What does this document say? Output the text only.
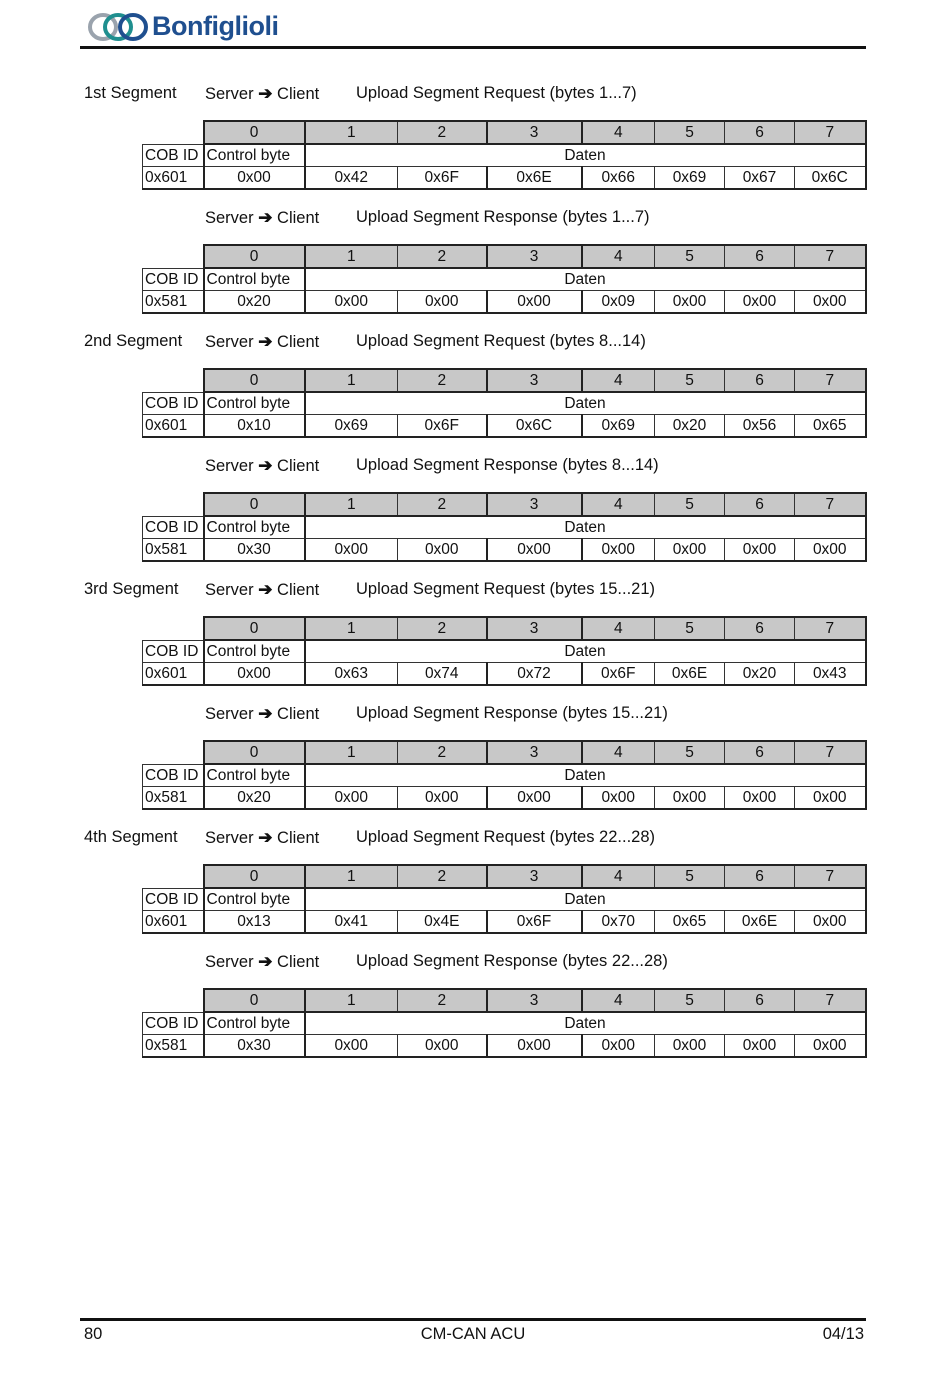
Bonfiglioli
1st Segment Server ➔ Client Upload Segment Request (bytes 1...7)
	0	1	2	3	4	5	6	7
COB ID	Control byte	Daten						
0x601	0x00	0x42	0x6F	0x6E	0x66	0x69	0x67	0x6C
Server ➔ Client Upload Segment Response (bytes 1...7)
	0	1	2	3	4	5	6	7
COB ID	Control byte	Daten						
0x581	0x20	0x00	0x00	0x00	0x09	0x00	0x00	0x00
2nd Segment Server ➔ Client Upload Segment Request (bytes 8...14)
	0	1	2	3	4	5	6	7
COB ID	Control byte	Daten						
0x601	0x10	0x69	0x6F	0x6C	0x69	0x20	0x56	0x65
Server ➔ Client Upload Segment Response (bytes 8...14)
	0	1	2	3	4	5	6	7
COB ID	Control byte	Daten						
0x581	0x30	0x00	0x00	0x00	0x00	0x00	0x00	0x00
3rd Segment Server ➔ Client Upload Segment Request (bytes 15...21)
	0	1	2	3	4	5	6	7
COB ID	Control byte	Daten						
0x601	0x00	0x63	0x74	0x72	0x6F	0x6E	0x20	0x43
Server ➔ Client Upload Segment Response (bytes 15...21)
	0	1	2	3	4	5	6	7
COB ID	Control byte	Daten						
0x581	0x20	0x00	0x00	0x00	0x00	0x00	0x00	0x00
4th Segment Server ➔ Client Upload Segment Request (bytes 22...28)
	0	1	2	3	4	5	6	7
COB ID	Control byte	Daten						
0x601	0x13	0x41	0x4E	0x6F	0x70	0x65	0x6E	0x00
Server ➔ Client Upload Segment Response (bytes 22...28)
	0	1	2	3	4	5	6	7
COB ID	Control byte	Daten						
0x581	0x30	0x00	0x00	0x00	0x00	0x00	0x00	0x00
80	CM-CAN ACU	04/13
